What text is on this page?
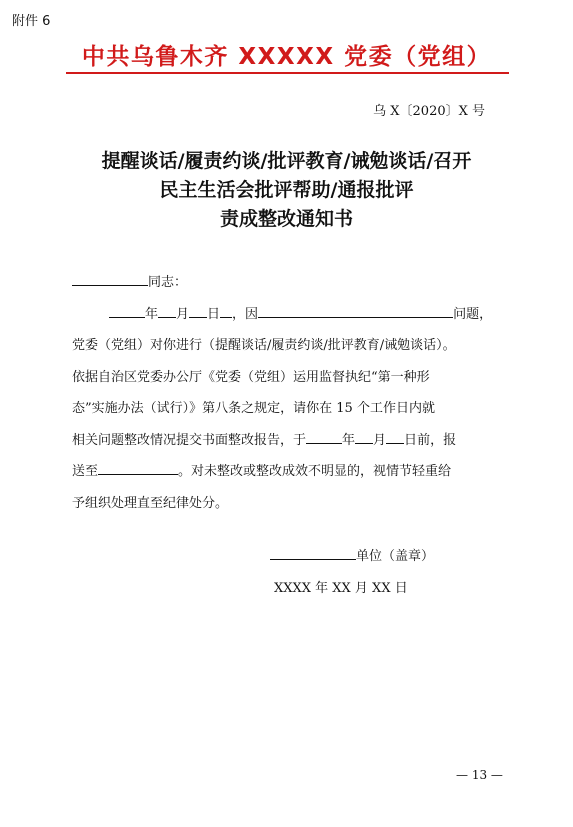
附件 6
中共乌鲁木齐 XXXXX 党委（党组）
乌 X〔2020〕X 号
提醒谈话/履责约谈/批评教育/诫勉谈话/召开
民主生活会批评帮助/通报批评
责成整改通知书

同志：

年 月 日 ，因	问题，

党委（党组）对你进行（提醒谈话/履责约谈/批评教育/诫勉谈话）。

依据自治区党委办公厅《党委（党组）运用监督执纪“第一种形

态”实施办法（试行）》第八条之规定，请你在 15 个工作日内就

相关问题整改情况提交书面整改报告，于	年 月 日前，报

送至	。对未整改或整改成效不明显的，视情节轻重给

予组织处理直至纪律处分。

单位（盖章）
XXXX 年 XX 月 XX 日
— 13 —
